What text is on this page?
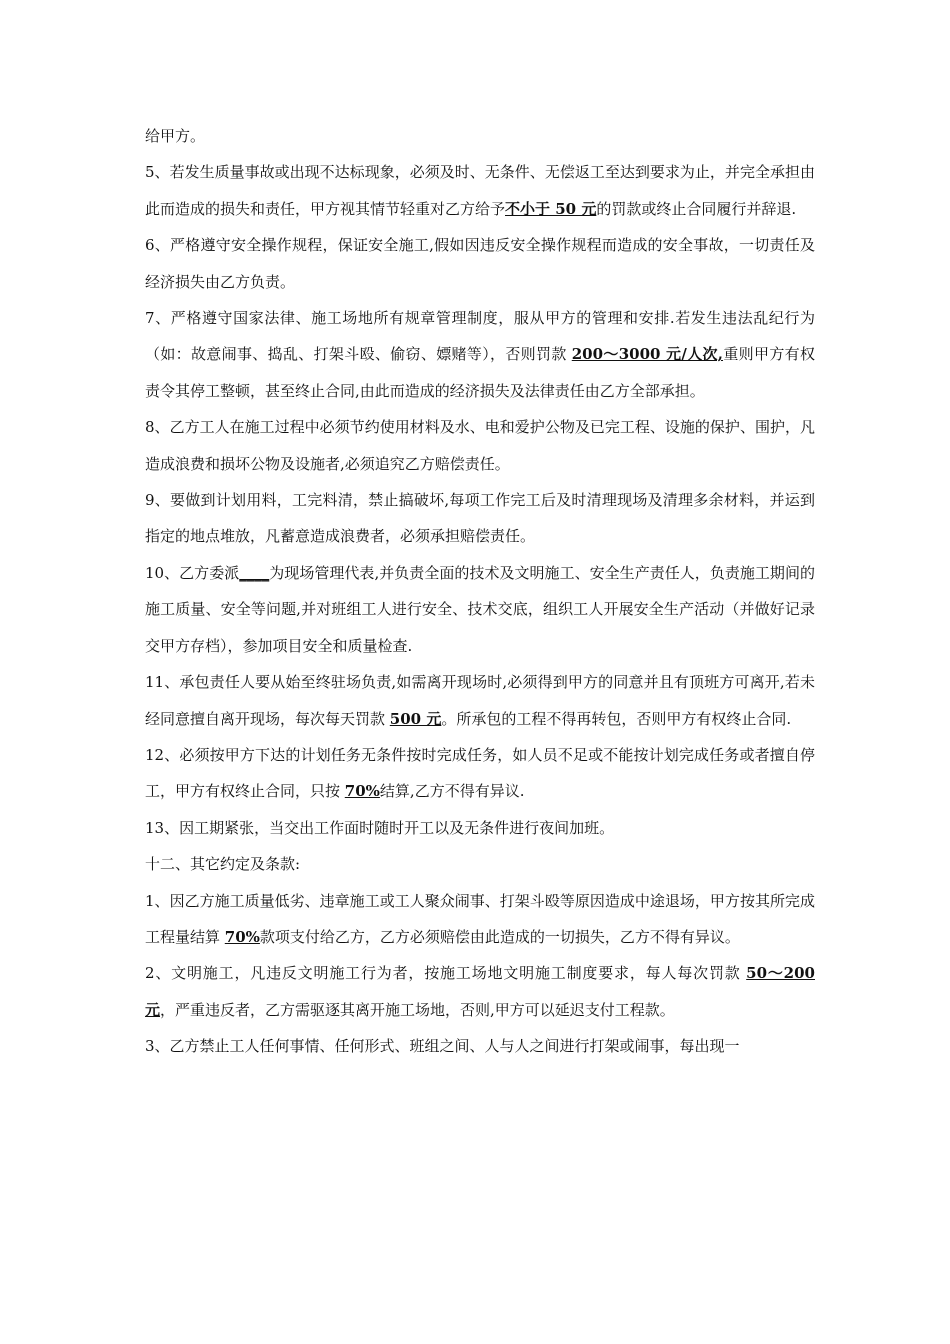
给甲方。

5、若发生质量事故或出现不达标现象，必须及时、无条件、无偿返工至达到要求为止，并完全承担由此而造成的损失和责任，甲方视其情节轻重对乙方给予不小于 50 元的罚款或终止合同履行并辞退.

6、严格遵守安全操作规程，保证安全施工,假如因违反安全操作规程而造成的安全事故，一切责任及经济损失由乙方负责。

7、严格遵守国家法律、施工场地所有规章管理制度，服从甲方的管理和安排.若发生违法乱纪行为（如：故意闹事、捣乱、打架斗殴、偷窃、嫖赌等），否则罚款 200～3000 元/人次,重则甲方有权责令其停工整顿，甚至终止合同,由此而造成的经济损失及法律责任由乙方全部承担。

8、乙方工人在施工过程中必须节约使用材料及水、电和爱护公物及已完工程、设施的保护、围护，凡造成浪费和损坏公物及设施者,必须追究乙方赔偿责任。

9、要做到计划用料，工完料清，禁止搞破坏,每项工作完工后及时清理现场及清理多余材料，并运到指定的地点堆放，凡蓄意造成浪费者，必须承担赔偿责任。

10、乙方委派____为现场管理代表,并负责全面的技术及文明施工、安全生产责任人，负责施工期间的施工质量、安全等问题,并对班组工人进行安全、技术交底，组织工人开展安全生产活动（并做好记录交甲方存档），参加项目安全和质量检查.

11、承包责任人要从始至终驻场负责,如需离开现场时,必须得到甲方的同意并且有顶班方可离开,若未经同意擅自离开现场，每次每天罚款 500 元。所承包的工程不得再转包，否则甲方有权终止合同.

12、必须按甲方下达的计划任务无条件按时完成任务，如人员不足或不能按计划完成任务或者擅自停工，甲方有权终止合同，只按 70%结算,乙方不得有异议.

13、因工期紧张，当交出工作面时随时开工以及无条件进行夜间加班。

十二、其它约定及条款:

1、因乙方施工质量低劣、违章施工或工人聚众闹事、打架斗殴等原因造成中途退场，甲方按其所完成工程量结算 70%款项支付给乙方，乙方必须赔偿由此造成的一切损失，乙方不得有异议。

2、文明施工，凡违反文明施工行为者，按施工场地文明施工制度要求，每人每次罚款 50～200 元，严重违反者，乙方需驱逐其离开施工场地，否则,甲方可以延迟支付工程款。

3、乙方禁止工人任何事情、任何形式、班组之间、人与人之间进行打架或闹事，每出现一
